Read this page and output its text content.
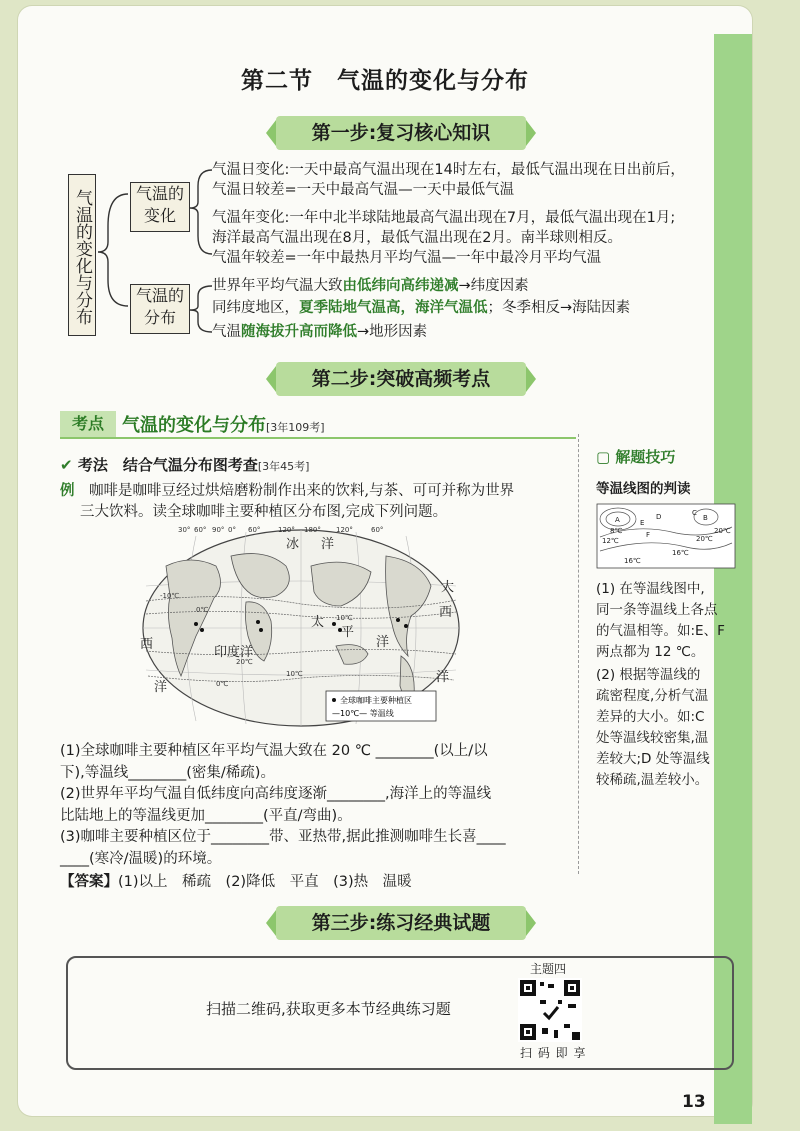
第二节　气温的变化与分布
第一步:复习核心知识
气温的变化与分布	气温的变化
气温的分布
气温日变化:一天中最高气温出现在14时左右，最低气温出现在日出前后，
气温日较差=一天中最高气温—一天中最低气温
气温年变化:一年中北半球陆地最高气温出现在7月，最低气温出现在1月;
海洋最高气温出现在8月，最低气温出现在2月。南半球则相反。
气温年较差=一年中最热月平均气温—一年中最冷月平均气温
世界年平均气温大致由低纬向高纬递减→纬度因素
同纬度地区，夏季陆地气温高，海洋气温低；冬季相反→海陆因素
气温随海拔升高而降低→地形因素
第二步:突破高频考点
考点	气温的变化与分布[3年109考]
✔ 考法　 结合气温分布图考查[3年45考]
例　 咖啡是咖啡豆经过烘焙磨粉制作出来的饮料,与茶、可可并称为世界
三大饮料。读全球咖啡主要种植区分布图,完成下列问题。
冰 洋
太
平
洋
大
西
西
洋
印度洋
洋
30° 60° 90° 0° 60°	120° 180° 120°	60°
-10℃
0℃
10℃
20℃
0℃
10℃
全球咖啡主要种植区
—10℃— 等温线
(1)全球咖啡主要种植区年平均气温大致在 20 ℃ ________(以上/以
下),等温线________(密集/稀疏)。
(2)世界年平均气温自低纬度向高纬度逐渐________,海洋上的等温线
比陆地上的等温线更加________(平直/弯曲)。
(3)咖啡主要种植区位于________带、亚热带,据此推测咖啡生长喜____
____(寒冷/温暖)的环境。
【答案】(1)以上　稀疏　(2)降低　平直　(3)热　温暖
▢ 解题技巧
等温线图的判读
A	B
C
D
E
F
12℃
16℃
20℃
16℃
20℃
8℃
(1) 在等温线图中,
同一条等温线上各点
的气温相等。如:E、F
两点都为 12 ℃。
(2) 根据等温线的
疏密程度,分析气温
差异的大小。如:C
处等温线较密集,温
差较大;D 处等温线
较稀疏,温差较小。
第三步:练习经典试题
扫描二维码,获取更多本节经典练习题
主题四
扫 码 即 享
13
